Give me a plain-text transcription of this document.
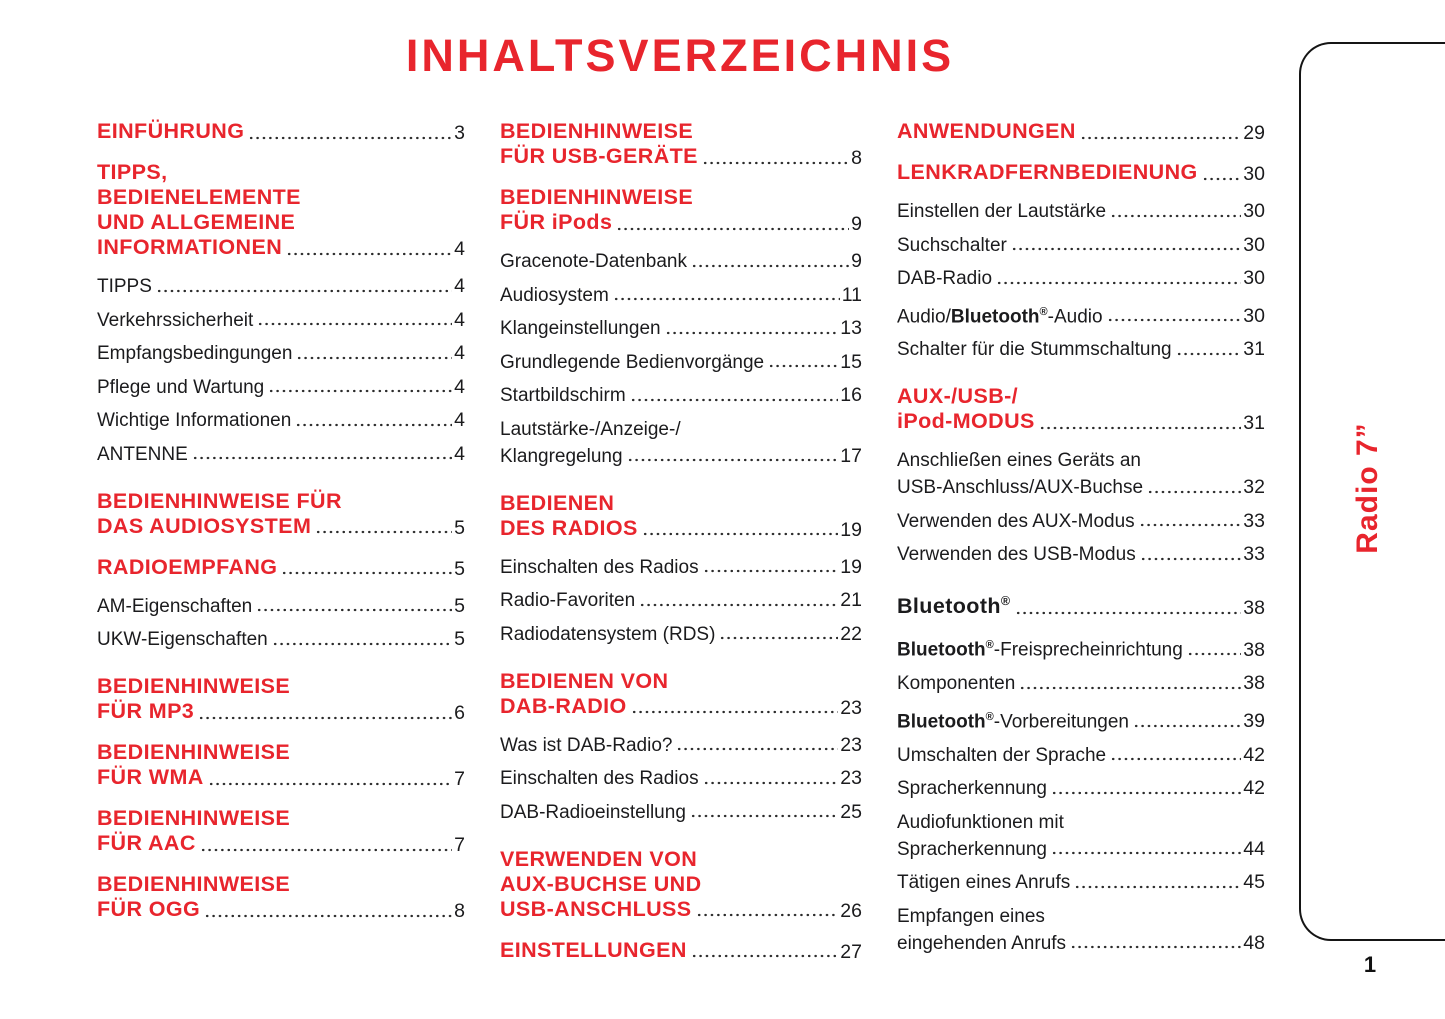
INHALTSVERZEICHNIS
EINFÜHRUNG	3
TIPPS,
BEDIENELEMENTE
UND ALLGEMEINE
INFORMATIONEN	4
TIPPS	4
Verkehrssicherheit	4
Empfangsbedingungen	4
Pflege und Wartung	4
Wichtige Informationen	4
ANTENNE	4
BEDIENHINWEISE FÜR
DAS AUDIOSYSTEM	5
RADIOEMPFANG	5
AM-Eigenschaften	5
UKW-Eigenschaften	5
BEDIENHINWEISE
FÜR MP3	6
BEDIENHINWEISE
FÜR WMA	7
BEDIENHINWEISE
FÜR AAC	7
BEDIENHINWEISE
FÜR OGG	8
BEDIENHINWEISE
FÜR USB-GERÄTE	8
BEDIENHINWEISE
FÜR iPods	9
Gracenote-Datenbank	9
Audiosystem	11
Klangeinstellungen	13
Grundlegende Bedienvorgänge	15
Startbildschirm	16
Lautstärke-/Anzeige-/
Klangregelung	17
BEDIENEN
DES RADIOS	19
Einschalten des Radios	19
Radio-Favoriten	21
Radiodatensystem (RDS)	22
BEDIENEN VON
DAB-RADIO	23
Was ist DAB-Radio?	23
Einschalten des Radios	23
DAB-Radioeinstellung	25
VERWENDEN VON
AUX-BUCHSE UND
USB-ANSCHLUSS	26
EINSTELLUNGEN	27
ANWENDUNGEN	29
LENKRADFERNBEDIENUNG 30
Einstellen der Lautstärke	30
Suchschalter	30
DAB-Radio	30
Audio/Bluetooth®-Audio	30
Schalter für die Stummschaltung	31
AUX-/USB-/
iPod-MODUS	31
Anschließen eines Geräts an
USB-Anschluss/AUX-Buchse	32
Verwenden des AUX-Modus	33
Verwenden des USB-Modus	33
Bluetooth®	38
Bluetooth®-Freisprecheinrichtung	38
Komponenten	38
Bluetooth®-Vorbereitungen	39
Umschalten der Sprache	42
Spracherkennung	42
Audiofunktionen mit
Spracherkennung	44
Tätigen eines Anrufs	45
Empfangen eines
eingehenden Anrufs	48
Radio 7”
1
